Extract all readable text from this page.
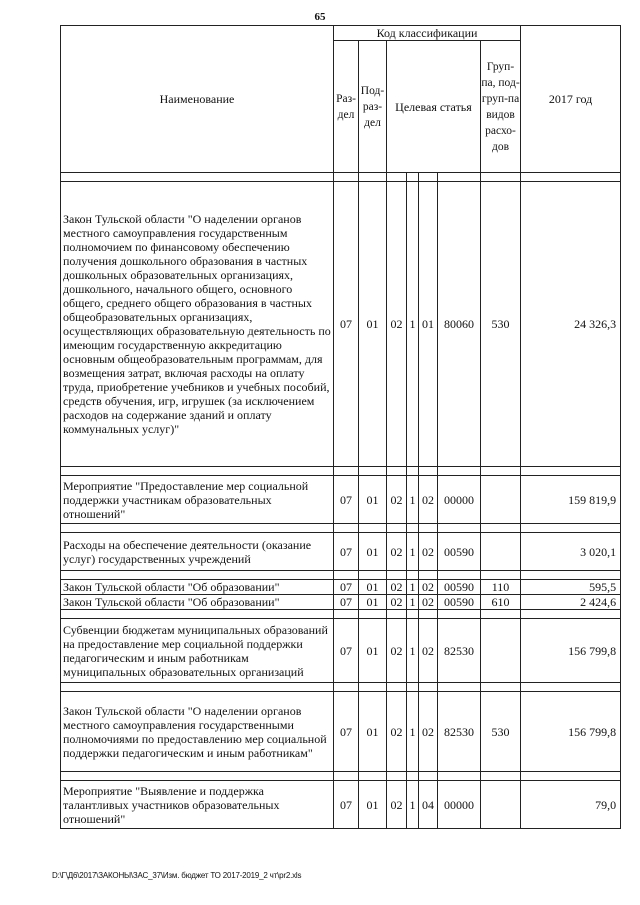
65
Наименование	Код классификации							2017 год
	Раз-дел	Под-раз-дел	Целевая статья				Груп-па, под-груп-па видов расхо-дов	

Закон Тульской области "О наделении органов местного самоуправления государственным полномочием по финансовому обеспечению получения дошкольного образования в частных дошкольных образовательных организациях, дошкольного, начального общего, основного общего, среднего общего образования в частных общеобразовательных организациях, осуществляющих образовательную деятельность по имеющим государственную аккредитацию основным общеобразовательным программам, для возмещения затрат, включая расходы на оплату труда, приобретение учебников и учебных пособий, средств обучения, игр, игрушек (за исключением расходов на содержание зданий и оплату коммунальных услуг)"	07	01	02	1	01	80060	530	24 326,3

Мероприятие "Предоставление мер социальной поддержки участникам образовательных отношений"	07	01	02	1	02	00000		159 819,9

Расходы на обеспечение деятельности (оказание услуг) государственных учреждений	07	01	02	1	02	00590		3 020,1

Закон Тульской области "Об образовании"	07	01	02	1	02	00590	110	595,5
Закон Тульской области "Об образовании"	07	01	02	1	02	00590	610	2 424,6

Субвенции бюджетам муниципальных образований на предоставление мер социальной поддержки педагогическим и иным работникам муниципальных образовательных организаций	07	01	02	1	02	82530		156 799,8

Закон Тульской области "О наделении органов местного самоуправления государственными полномочиями по предоставлению мер социальной поддержки педагогическим и иным работникам"	07	01	02	1	02	82530	530	156 799,8

Мероприятие "Выявление и поддержка талантливых участников образовательных отношений"	07	01	02	1	04	00000		79,0
D:\Г\Д6\2017\ЗАКОНЫ\ЗАС_37\Изм. бюджет ТО 2017-2019_2 чт\pr2.xls
